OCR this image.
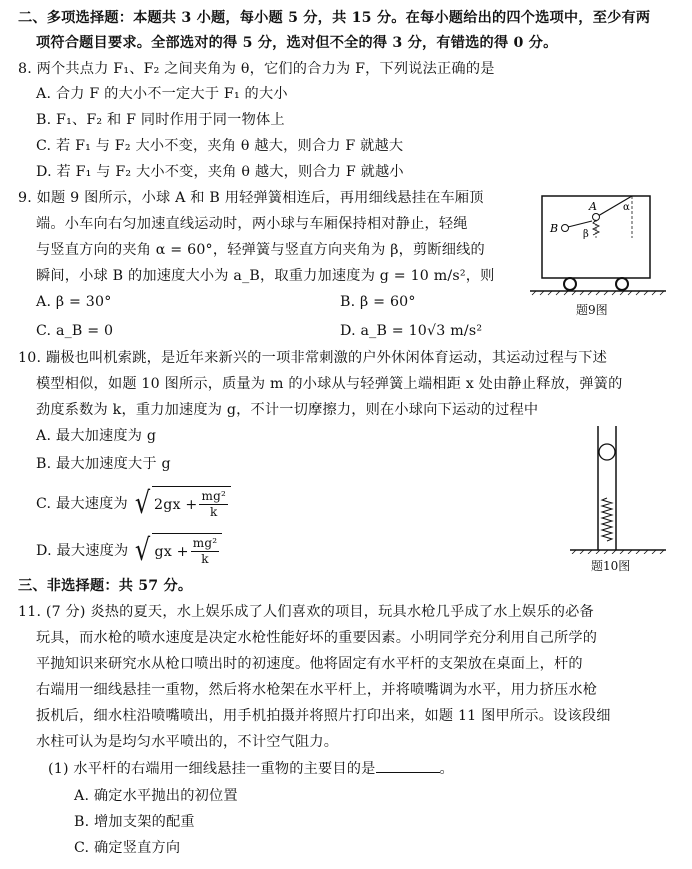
二、多项选择题：本题共 3 小题，每小题 5 分，共 15 分。在每小题给出的四个选项中，至少有两
项符合题目要求。全部选对的得 5 分，选对但不全的得 3 分，有错选的得 0 分。
8. 两个共点力 F₁、F₂ 之间夹角为 θ，它们的合力为 F，下列说法正确的是
A. 合力 F 的大小不一定大于 F₁ 的大小
B. F₁、F₂ 和 F 同时作用于同一物体上
C. 若 F₁ 与 F₂ 大小不变，夹角 θ 越大，则合力 F 就越大
D. 若 F₁ 与 F₂ 大小不变，夹角 θ 越大，则合力 F 就越小
9. 如题 9 图所示，小球 A 和 B 用轻弹簧相连后，再用细线悬挂在车厢顶
端。小车向右匀加速直线运动时，两小球与车厢保持相对静止，轻绳
与竖直方向的夹角 α = 60°，轻弹簧与竖直方向夹角为 β，剪断细线的
瞬间，小球 B 的加速度大小为 a_B，取重力加速度为 g = 10 m/s²，则
A. β = 30°	B. β = 60°
C. a_B = 0	D. a_B = 10√3 m/s²
A
B
α
β
题9图
10. 蹦极也叫机索跳，是近年来新兴的一项非常刺激的户外休闲体育运动，其运动过程与下述
模型相似，如题 10 图所示，质量为 m 的小球从与轻弹簧上端相距 x 处由静止释放，弹簧的
劲度系数为 k，重力加速度为 g，不计一切摩擦力，则在小球向下运动的过程中
A. 最大加速度为 g
B. 最大加速度大于 g
C. 最大速度为 √ $2gx + \frac{\text{mg²}}{k}$
D. 最大速度为 √ gx + $\frac{\text{mg²}}{k}$	题10图
三、非选择题：共 57 分。
11. (7 分) 炎热的夏天，水上娱乐成了人们喜欢的项目，玩具水枪几乎成了水上娱乐的必备
玩具，而水枪的喷水速度是决定水枪性能好坏的重要因素。小明同学充分利用自己所学的
平抛知识来研究水从枪口喷出时的初速度。他将固定有水平杆的支架放在桌面上，杆的
右端用一细线悬挂一重物，然后将水枪架在水平杆上，并将喷嘴调为水平，用力挤压水枪
扳机后，细水柱沿喷嘴喷出，用手机拍摄并将照片打印出来，如题 11 图甲所示。设该段细
水柱可认为是均匀水平喷出的，不计空气阻力。
(1) 水平杆的右端用一细线悬挂一重物的主要目的是	。
A. 确定水平抛出的初位置
B. 增加支架的配重
C. 确定竖直方向
